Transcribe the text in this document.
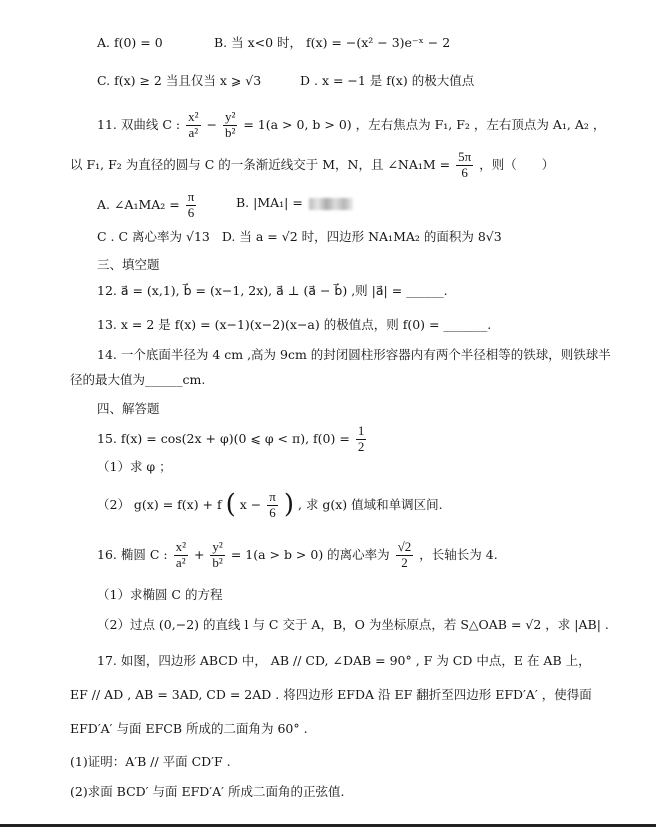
A. f(0) = 0	B. 当 x<0 时， f(x) = −(x² − 3)e⁻ˣ − 2
C. f(x) ≥ 2 当且仅当 x ⩾ √3	D . x = −1 是 f(x) 的极大值点
11. 双曲线 C : $\frac{\text{x²}}{\text{a²}} - \frac{\text{y²}}{\text{b²}} = 1(a > 0$, b > 0) ，左右焦点为 F₁, F₂ ，左右顶点为 A₁, A₂ ，
以 F₁, F₂ 为直径的圆与 C 的一条渐近线交于 M，N，且 ∠NA₁M = $\frac{5\pi}{6}$ ，则（　　）
A. ∠A₁MA₂ = $\frac{\pi}{6}$	B. |MA₁| =
C . C 离心率为 √13 D. 当 a = √2 时，四边形 NA₁MA₂ 的面积为 8√3
三、填空题
12. a⃗ = (x,1), b⃗ = (x−1, 2x), a⃗ ⊥ (a⃗ − b⃗) ,则 |a⃗| = ______.
13. x = 2 是 f(x) = (x−1)(x−2)(x−a) 的极值点，则 f(0) = _______.
14. 一个底面半径为 4 cm ,高为 9cm 的封闭圆柱形容器内有两个半径相等的铁球，则铁球半
径的最大值为______cm.
四、解答题
15. f(x) = cos(2x + φ)(0 ⩽ φ < π), $f(0) = \frac{1}{2}$
（1）求 φ ；
（2） g(x) = f(x) + f ( $x - \frac{\pi}{6}$ ) , 求 g(x) 值域和单调区间.
16. 椭圆 C : $\frac{\text{x²}}{\text{a²}} + \frac{\text{y²}}{\text{b²}} = 1(a > b > 0)$ 的离心率为 $\frac{√2}{2}$ ，长轴长为 4.
（1）求椭圆 C 的方程
（2）过点 (0,−2) 的直线 l 与 C 交于 A，B，O 为坐标原点，若 S△OAB = √2 ，求 |AB| .
17. 如图，四边形 ABCD 中， AB // CD, ∠DAB = 90° , F 为 CD 中点，E 在 AB 上，
EF // AD , AB = 3AD, CD = 2AD . 将四边形 EFDA 沿 EF 翻折至四边形 EFD′A′ ，使得面
EFD′A′ 与面 EFCB 所成的二面角为 60° .
(1)证明：A′B // 平面 CD′F .
(2)求面 BCD′ 与面 EFD′A′ 所成二面角的正弦值.
